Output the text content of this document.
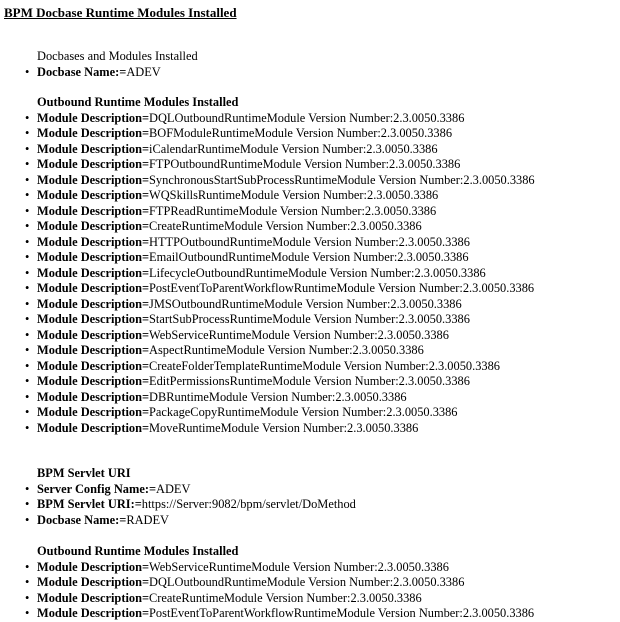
BPM Docbase Runtime Modules Installed
Docbases and Modules Installed
• Docbase Name:=ADEV
Outbound Runtime Modules Installed
• Module Description=DQLOutboundRuntimeModule Version Number:2.3.0050.3386
• Module Description=BOFModuleRuntimeModule Version Number:2.3.0050.3386
• Module Description=iCalendarRuntimeModule Version Number:2.3.0050.3386
• Module Description=FTPOutboundRuntimeModule Version Number:2.3.0050.3386
• Module Description=SynchronousStartSubProcessRuntimeModule Version Number:2.3.0050.3386
• Module Description=WQSkillsRuntimeModule Version Number:2.3.0050.3386
• Module Description=FTPReadRuntimeModule Version Number:2.3.0050.3386
• Module Description=CreateRuntimeModule Version Number:2.3.0050.3386
• Module Description=HTTPOutboundRuntimeModule Version Number:2.3.0050.3386
• Module Description=EmailOutboundRuntimeModule Version Number:2.3.0050.3386
• Module Description=LifecycleOutboundRuntimeModule Version Number:2.3.0050.3386
• Module Description=PostEventToParentWorkflowRuntimeModule Version Number:2.3.0050.3386
• Module Description=JMSOutboundRuntimeModule Version Number:2.3.0050.3386
• Module Description=StartSubProcessRuntimeModule Version Number:2.3.0050.3386
• Module Description=WebServiceRuntimeModule Version Number:2.3.0050.3386
• Module Description=AspectRuntimeModule Version Number:2.3.0050.3386
• Module Description=CreateFolderTemplateRuntimeModule Version Number:2.3.0050.3386
• Module Description=EditPermissionsRuntimeModule Version Number:2.3.0050.3386
• Module Description=DBRuntimeModule Version Number:2.3.0050.3386
• Module Description=PackageCopyRuntimeModule Version Number:2.3.0050.3386
• Module Description=MoveRuntimeModule Version Number:2.3.0050.3386
BPM Servlet URI
• Server Config Name:=ADEV
• BPM Servlet URI:=https://Server:9082/bpm/servlet/DoMethod
• Docbase Name:=RADEV
Outbound Runtime Modules Installed
• Module Description=WebServiceRuntimeModule Version Number:2.3.0050.3386
• Module Description=DQLOutboundRuntimeModule Version Number:2.3.0050.3386
• Module Description=CreateRuntimeModule Version Number:2.3.0050.3386
• Module Description=PostEventToParentWorkflowRuntimeModule Version Number:2.3.0050.3386
